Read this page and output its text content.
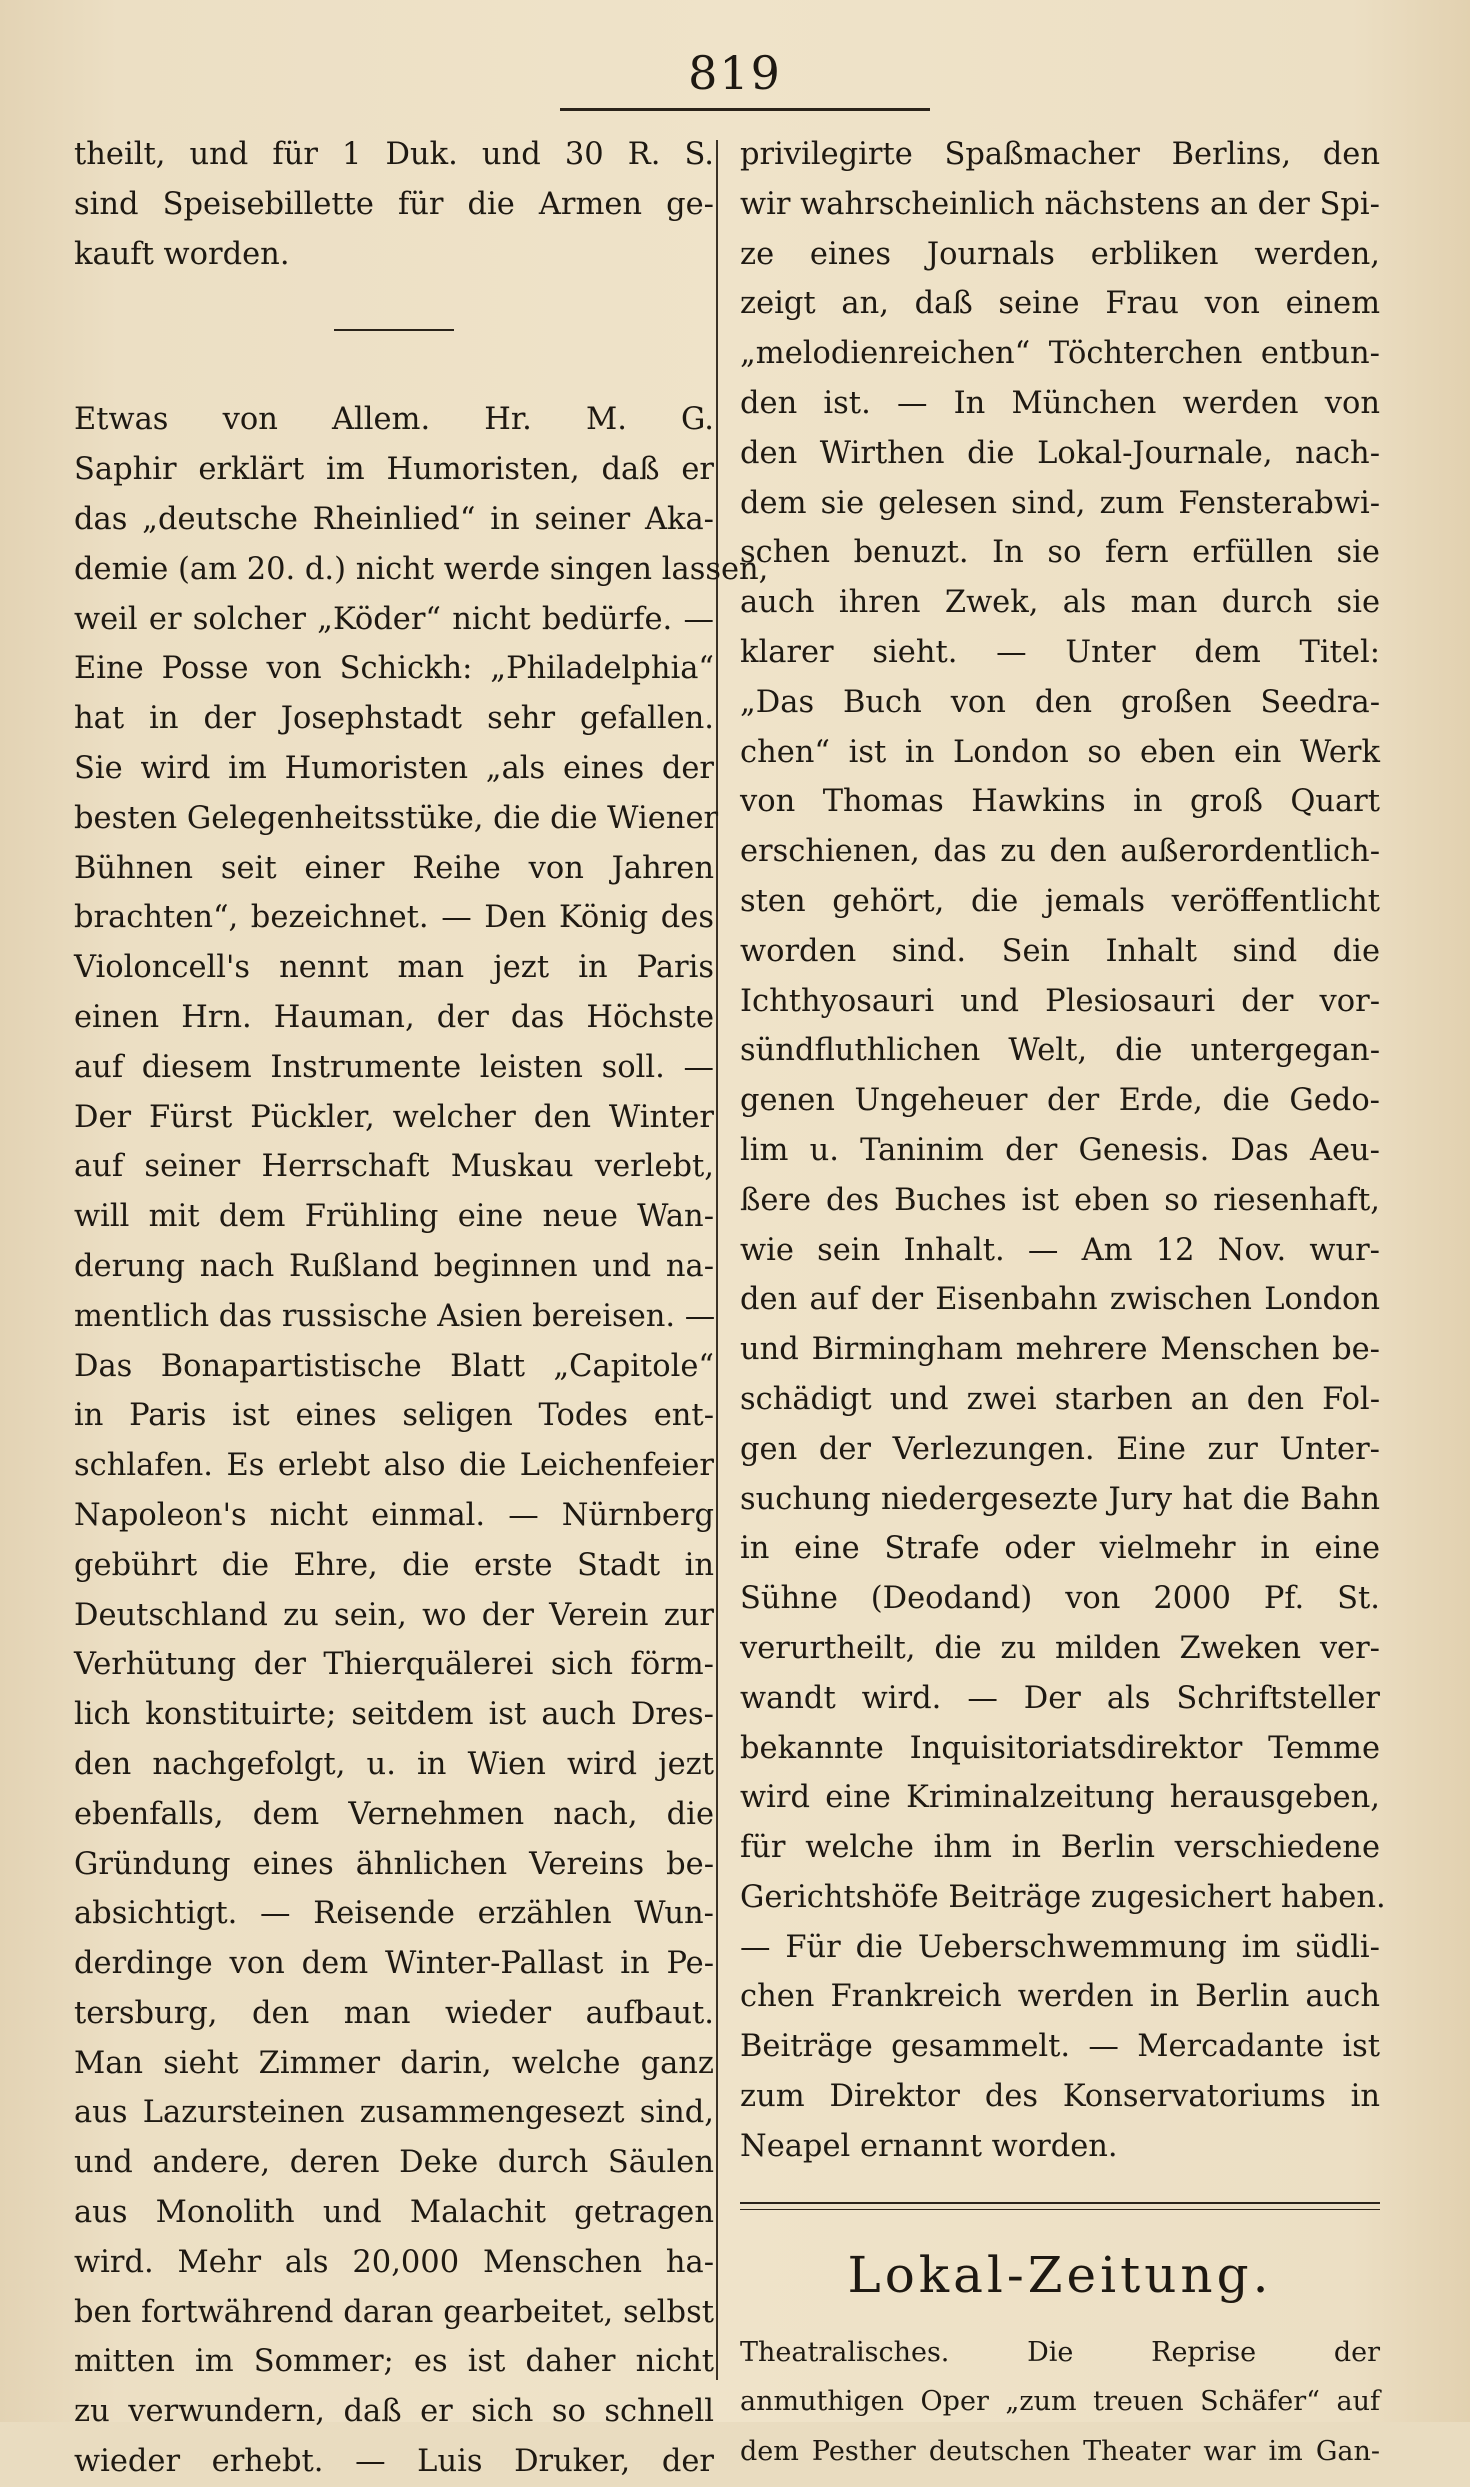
819
theilt, und für 1 Duk. und 30 R. S.
sind Speisebillette für die Armen ge-
kauft worden.
Etwas von Allem. Hr. M. G.
Saphir erklärt im Humoristen, daß er
das „deutsche Rheinlied“ in seiner Aka-
demie (am 20. d.) nicht werde singen lassen,
weil er solcher „Köder“ nicht bedürfe. —
Eine Posse von Schickh: „Philadelphia“
hat in der Josephstadt sehr gefallen.
Sie wird im Humoristen „als eines der
besten Gelegenheitsstüke, die die Wiener
Bühnen seit einer Reihe von Jahren
brachten“, bezeichnet. — Den König des
Violoncell's nennt man jezt in Paris
einen Hrn. Hauman, der das Höchste
auf diesem Instrumente leisten soll. —
Der Fürst Pückler, welcher den Winter
auf seiner Herrschaft Muskau verlebt,
will mit dem Frühling eine neue Wan-
derung nach Rußland beginnen und na-
mentlich das russische Asien bereisen. —
Das Bonapartistische Blatt „Capitole“
in Paris ist eines seligen Todes ent-
schlafen. Es erlebt also die Leichenfeier
Napoleon's nicht einmal. — Nürnberg
gebührt die Ehre, die erste Stadt in
Deutschland zu sein, wo der Verein zur
Verhütung der Thierquälerei sich förm-
lich konstituirte; seitdem ist auch Dres-
den nachgefolgt, u. in Wien wird jezt
ebenfalls, dem Vernehmen nach, die
Gründung eines ähnlichen Vereins be-
absichtigt. — Reisende erzählen Wun-
derdinge von dem Winter-Pallast in Pe-
tersburg, den man wieder aufbaut.
Man sieht Zimmer darin, welche ganz
aus Lazursteinen zusammengesezt sind,
und andere, deren Deke durch Säulen
aus Monolith und Malachit getragen
wird. Mehr als 20,000 Menschen ha-
ben fortwährend daran gearbeitet, selbst
mitten im Sommer; es ist daher nicht
zu verwundern, daß er sich so schnell
wieder erhebt. — Luis Druker, der
privilegirte Spaßmacher Berlins, den
wir wahrscheinlich nächstens an der Spi-
ze eines Journals erbliken werden,
zeigt an, daß seine Frau von einem
„melodienreichen“ Töchterchen entbun-
den ist. — In München werden von
den Wirthen die Lokal-Journale, nach-
dem sie gelesen sind, zum Fensterabwi-
schen benuzt. In so fern erfüllen sie
auch ihren Zwek, als man durch sie
klarer sieht. — Unter dem Titel:
„Das Buch von den großen Seedra-
chen“ ist in London so eben ein Werk
von Thomas Hawkins in groß Quart
erschienen, das zu den außerordentlich-
sten gehört, die jemals veröffentlicht
worden sind. Sein Inhalt sind die
Ichthyosauri und Plesiosauri der vor-
sündfluthlichen Welt, die untergegan-
genen Ungeheuer der Erde, die Gedo-
lim u. Taninim der Genesis. Das Aeu-
ßere des Buches ist eben so riesenhaft,
wie sein Inhalt. — Am 12 Nov. wur-
den auf der Eisenbahn zwischen London
und Birmingham mehrere Menschen be-
schädigt und zwei starben an den Fol-
gen der Verlezungen. Eine zur Unter-
suchung niedergesezte Jury hat die Bahn
in eine Strafe oder vielmehr in eine
Sühne (Deodand) von 2000 Pf. St.
verurtheilt, die zu milden Zweken ver-
wandt wird. — Der als Schriftsteller
bekannte Inquisitoriatsdirektor Temme
wird eine Kriminalzeitung herausgeben,
für welche ihm in Berlin verschiedene
Gerichtshöfe Beiträge zugesichert haben.
— Für die Ueberschwemmung im südli-
chen Frankreich werden in Berlin auch
Beiträge gesammelt. — Mercadante ist
zum Direktor des Konservatoriums in
Neapel ernannt worden.
Lokal-Zeitung.
Theatralisches. Die Reprise der
anmuthigen Oper „zum treuen Schäfer“ auf
dem Pesther deutschen Theater war im Gan-
